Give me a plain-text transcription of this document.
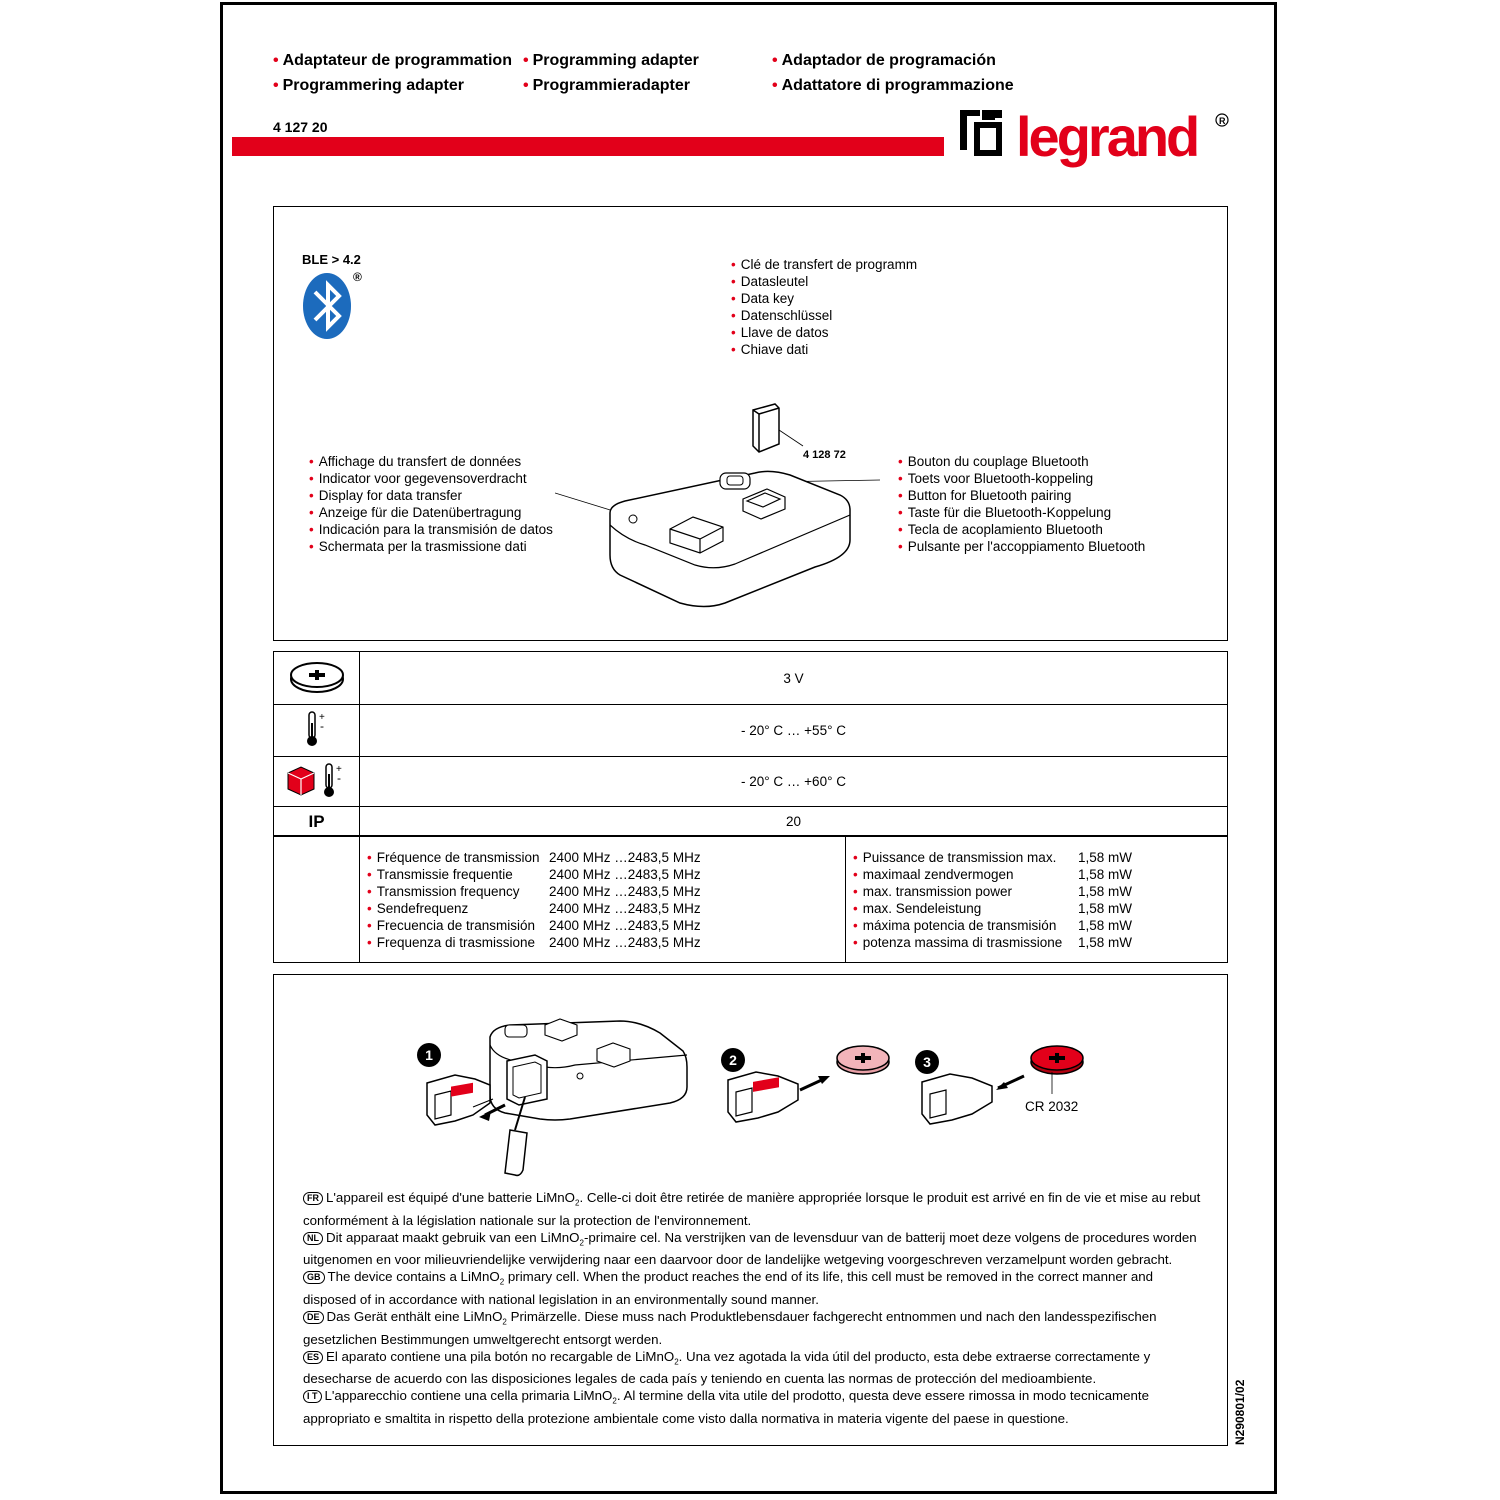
• Adaptateur de programmation • Programming adapter	• Adaptador de programación
• Programmering adapter	• Programmieradapter	• Adattatore di programmazione
4 127 20	legrand R
BLE > 4.2
®
• Clé de transfert de programm
• Datasleutel
• Data key
• Datenschlüssel
• Llave de datos
• Chiave dati
• Affichage du transfert de données
• Indicator voor gegevensoverdracht
• Display for data transfer
• Anzeige für die Datenübertragung
• Indicación para la transmisión de datos
• Schermata per la trasmissione dati
• Bouton du couplage Bluetooth
• Toets voor Bluetooth-koppeling
• Button for Bluetooth pairing
• Taste für die Bluetooth-Koppelung
• Tecla de acoplamiento Bluetooth
• Pulsante per l'accoppiamento Bluetooth
4 128 72
	3 V

+
-	- 20° C … +55° C

+
-	- 20° C … +60° C
IP	20
• Fréquence de transmission 2400 MHz …2483,5 MHz
• Transmissie frequentie	2400 MHz …2483,5 MHz
• Transmission frequency	2400 MHz …2483,5 MHz
• Sendefrequenz	2400 MHz …2483,5 MHz
• Frecuencia de transmisión	2400 MHz …2483,5 MHz
• Frequenza di trasmissione	2400 MHz …2483,5 MHz
• Puissance de transmission max.	1,58 mW
• maximaal zendvermogen	1,58 mW
• max. transmission power	1,58 mW
• max. Sendeleistung	1,58 mW
• máxima potencia de transmisión	1,58 mW
• potenza massima di trasmissione	1,58 mW
1	2	3
CR 2032

FR L'appareil est équipé d'une batterie LiMnO$_2$. Celle-ci doit être retirée de manière appropriée lorsque le produit est arrivé en fin de vie et mise au rebut conformément à la législation nationale sur la protection de l'environnement.

NL Dit apparaat maakt gebruik van een LiMnO$_2$-primaire cel. Na verstrijken van de levensduur van de batterij moet deze volgens de procedures worden uitgenomen en voor milieuvriendelijke verwijdering naar een daarvoor door de landelijke wetgeving voorgeschreven verzamelpunt worden gebracht.

GB The device contains a LiMnO$_2$ primary cell. When the product reaches the end of its life, this cell must be removed in the correct manner and disposed of in accordance with national legislation in an environmentally sound manner.

DE Das Gerät enthält eine LiMnO$_2$ Primärzelle. Diese muss nach Produktlebensdauer fachgerecht entnommen und nach den landesspezifischen gesetzlichen Bestimmungen umweltgerecht entsorgt werden.

ES El aparato contiene una pila botón no recargable de LiMnO$_2$. Una vez agotada la vida útil del producto, esta debe extraerse correctamente y desecharse de acuerdo con las disposiciones legales de cada país y teniendo en cuenta las normas de protección del medioambiente.

I T L'apparecchio contiene una cella primaria LiMnO$_2$. Al termine della vita utile del prodotto, questa deve essere rimossa in modo tecnicamente appropriato e smaltita in rispetto della protezione ambientale come visto dalla normativa in materia vigente del paese in questione.	N290801/02
